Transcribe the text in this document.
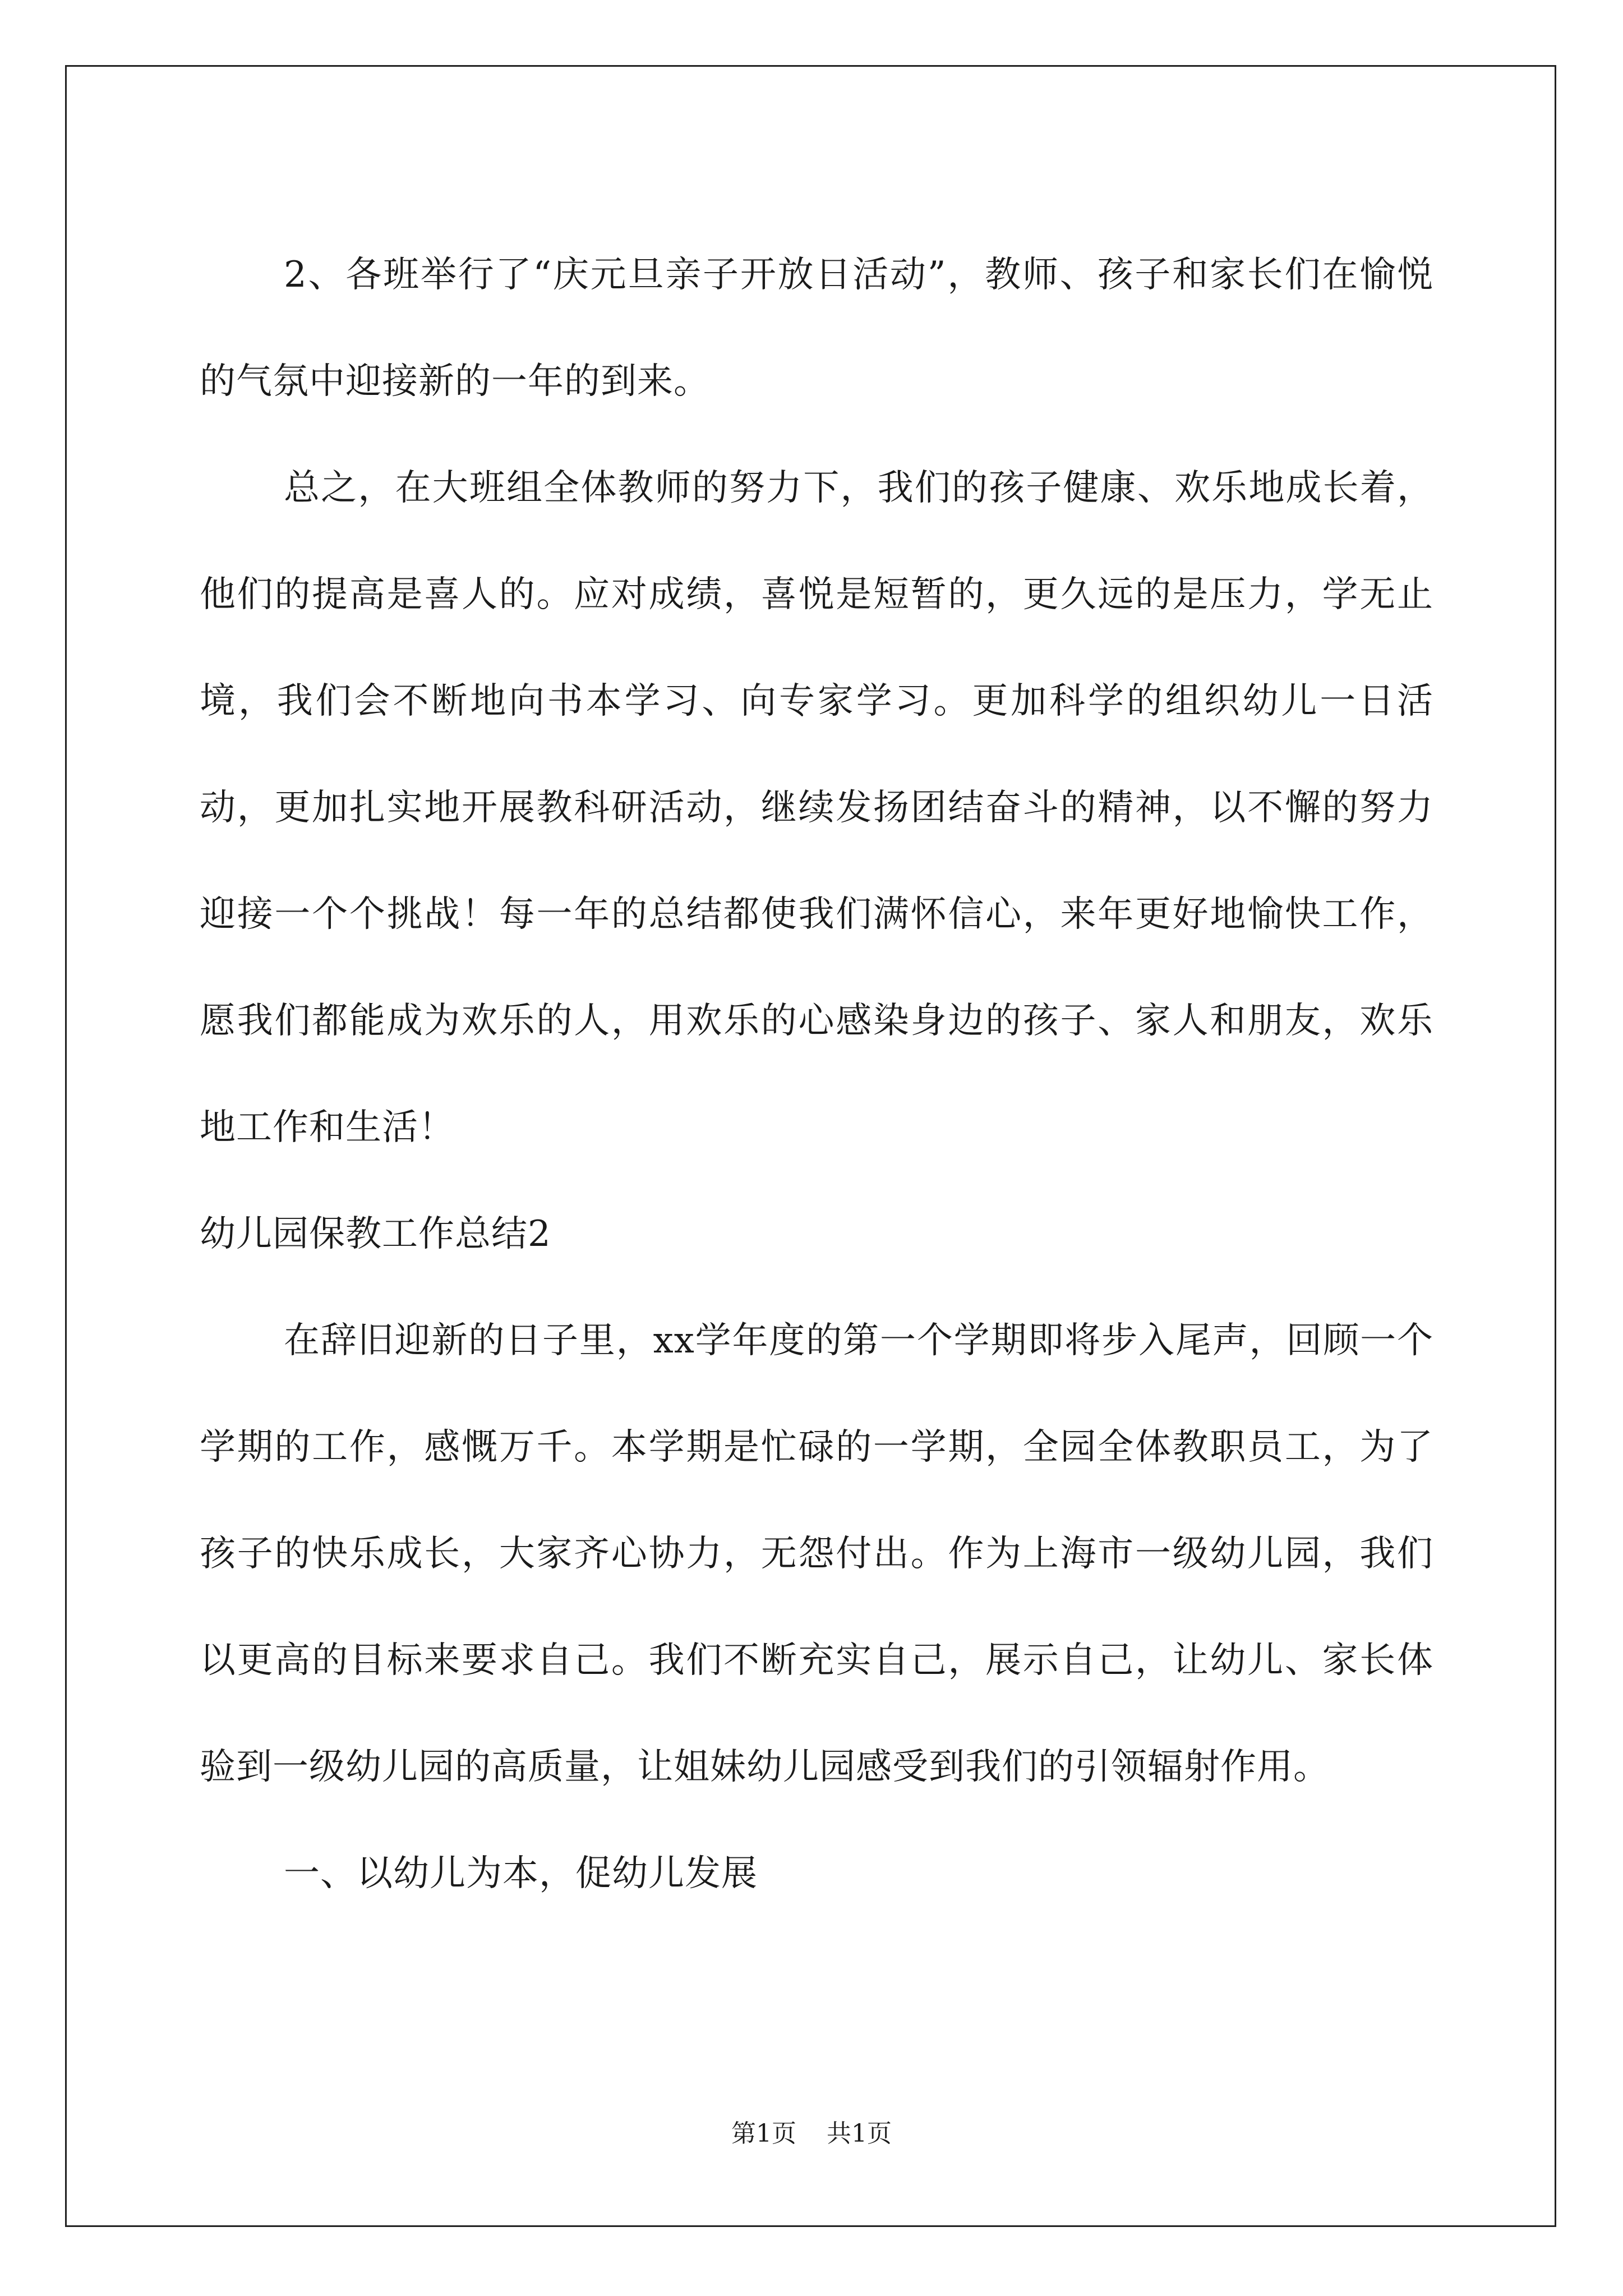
2、各班举行了“庆元旦亲子开放日活动”，教师、孩子和家长们在愉悦的气氛中迎接新的一年的到来。

总之，在大班组全体教师的努力下，我们的孩子健康、欢乐地成长着，他们的提高是喜人的。应对成绩，喜悦是短暂的，更久远的是压力，学无止境，我们会不断地向书本学习、向专家学习。更加科学的组织幼儿一日活动，更加扎实地开展教科研活动，继续发扬团结奋斗的精神，以不懈的努力迎接一个个挑战！每一年的总结都使我们满怀信心，来年更好地愉快工作，愿我们都能成为欢乐的人，用欢乐的心感染身边的孩子、家人和朋友，欢乐地工作和生活！

幼儿园保教工作总结2

在辞旧迎新的日子里，xx学年度的第一个学期即将步入尾声，回顾一个学期的工作，感慨万千。本学期是忙碌的一学期，全园全体教职员工，为了孩子的快乐成长，大家齐心协力，无怨付出。作为上海市一级幼儿园，我们以更高的目标来要求自己。我们不断充实自己，展示自己，让幼儿、家长体验到一级幼儿园的高质量，让姐妹幼儿园感受到我们的引领辐射作用。

一、以幼儿为本，促幼儿发展

第1页 共1页
